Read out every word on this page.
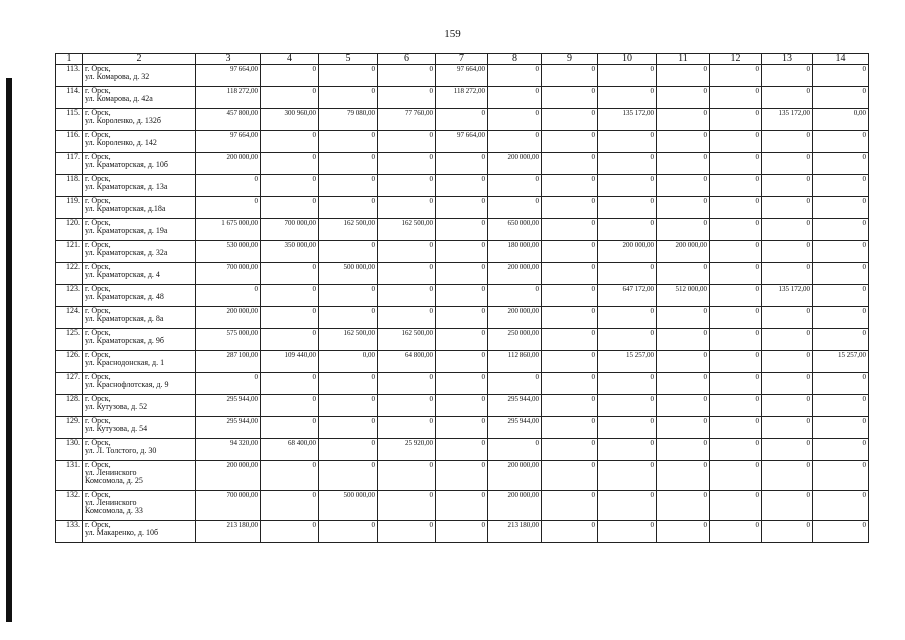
159
1	2	3	4	5	6	7	8	9	10	11	12	13	14
113.	г. Орск,
ул. Комарова, д. 32	97 664,00	0	0	0	97 664,00	0	0	0	0	0	0	0
114.	г. Орск,
ул. Комарова, д. 42а	118 272,00	0	0	0	118 272,00	0	0	0	0	0	0	0
115.	г. Орск,
ул. Короленко, д. 132б	457 800,00	300 960,00	79 080,00	77 760,00	0	0	0	135 172,00	0	0	135 172,00	0,00
116.	г. Орск,
ул. Короленко, д. 142	97 664,00	0	0	0	97 664,00	0	0	0	0	0	0	0
117.	г. Орск,
ул. Краматорская, д. 10б	200 000,00	0	0	0	0	200 000,00	0	0	0	0	0	0
118.	г. Орск,
ул. Краматорская, д. 13а	0	0	0	0	0	0	0	0	0	0	0	0
119.	г. Орск,
ул. Краматорская, д.18а	0	0	0	0	0	0	0	0	0	0	0	0
120.	г. Орск,
ул. Краматорская, д. 19а	1 675 000,00	700 000,00	162 500,00	162 500,00	0	650 000,00	0	0	0	0	0	0
121.	г. Орск,
ул. Краматорская, д. 32а	530 000,00	350 000,00	0	0	0	180 000,00	0	200 000,00	200 000,00	0	0	0
122.	г. Орск,
ул. Краматорская, д. 4	700 000,00	0	500 000,00	0	0	200 000,00	0	0	0	0	0	0
123.	г. Орск,
ул. Краматорская, д. 48	0	0	0	0	0	0	0	647 172,00	512 000,00	0	135 172,00	0
124.	г. Орск,
ул. Краматорская, д. 8а	200 000,00	0	0	0	0	200 000,00	0	0	0	0	0	0
125.	г. Орск,
ул. Краматорская, д. 9б	575 000,00	0	162 500,00	162 500,00	0	250 000,00	0	0	0	0	0	0
126.	г. Орск,
ул. Краснодонская, д. 1	287 100,00	109 440,00	0,00	64 800,00	0	112 860,00	0	15 257,00	0	0	0	15 257,00
127.	г. Орск,
ул. Краснофлотская, д. 9	0	0	0	0	0	0	0	0	0	0	0	0
128.	г. Орск,
ул. Кутузова, д. 52	295 944,00	0	0	0	0	295 944,00	0	0	0	0	0	0
129.	г. Орск,
ул. Кутузова, д. 54	295 944,00	0	0	0	0	295 944,00	0	0	0	0	0	0
130.	г. Орск,
ул. Л. Толстого, д. 30	94 320,00	68 400,00	0	25 920,00	0	0	0	0	0	0	0	0
131.	г. Орск,
ул. Ленинского
Комсомола, д. 25	200 000,00	0	0	0	0	200 000,00	0	0	0	0	0	0
132.	г. Орск,
ул. Ленинского
Комсомола, д. 33	700 000,00	0	500 000,00	0	0	200 000,00	0	0	0	0	0	0
133.	г. Орск,
ул. Макаренко, д. 10б	213 180,00	0	0	0	0	213 180,00	0	0	0	0	0	0
